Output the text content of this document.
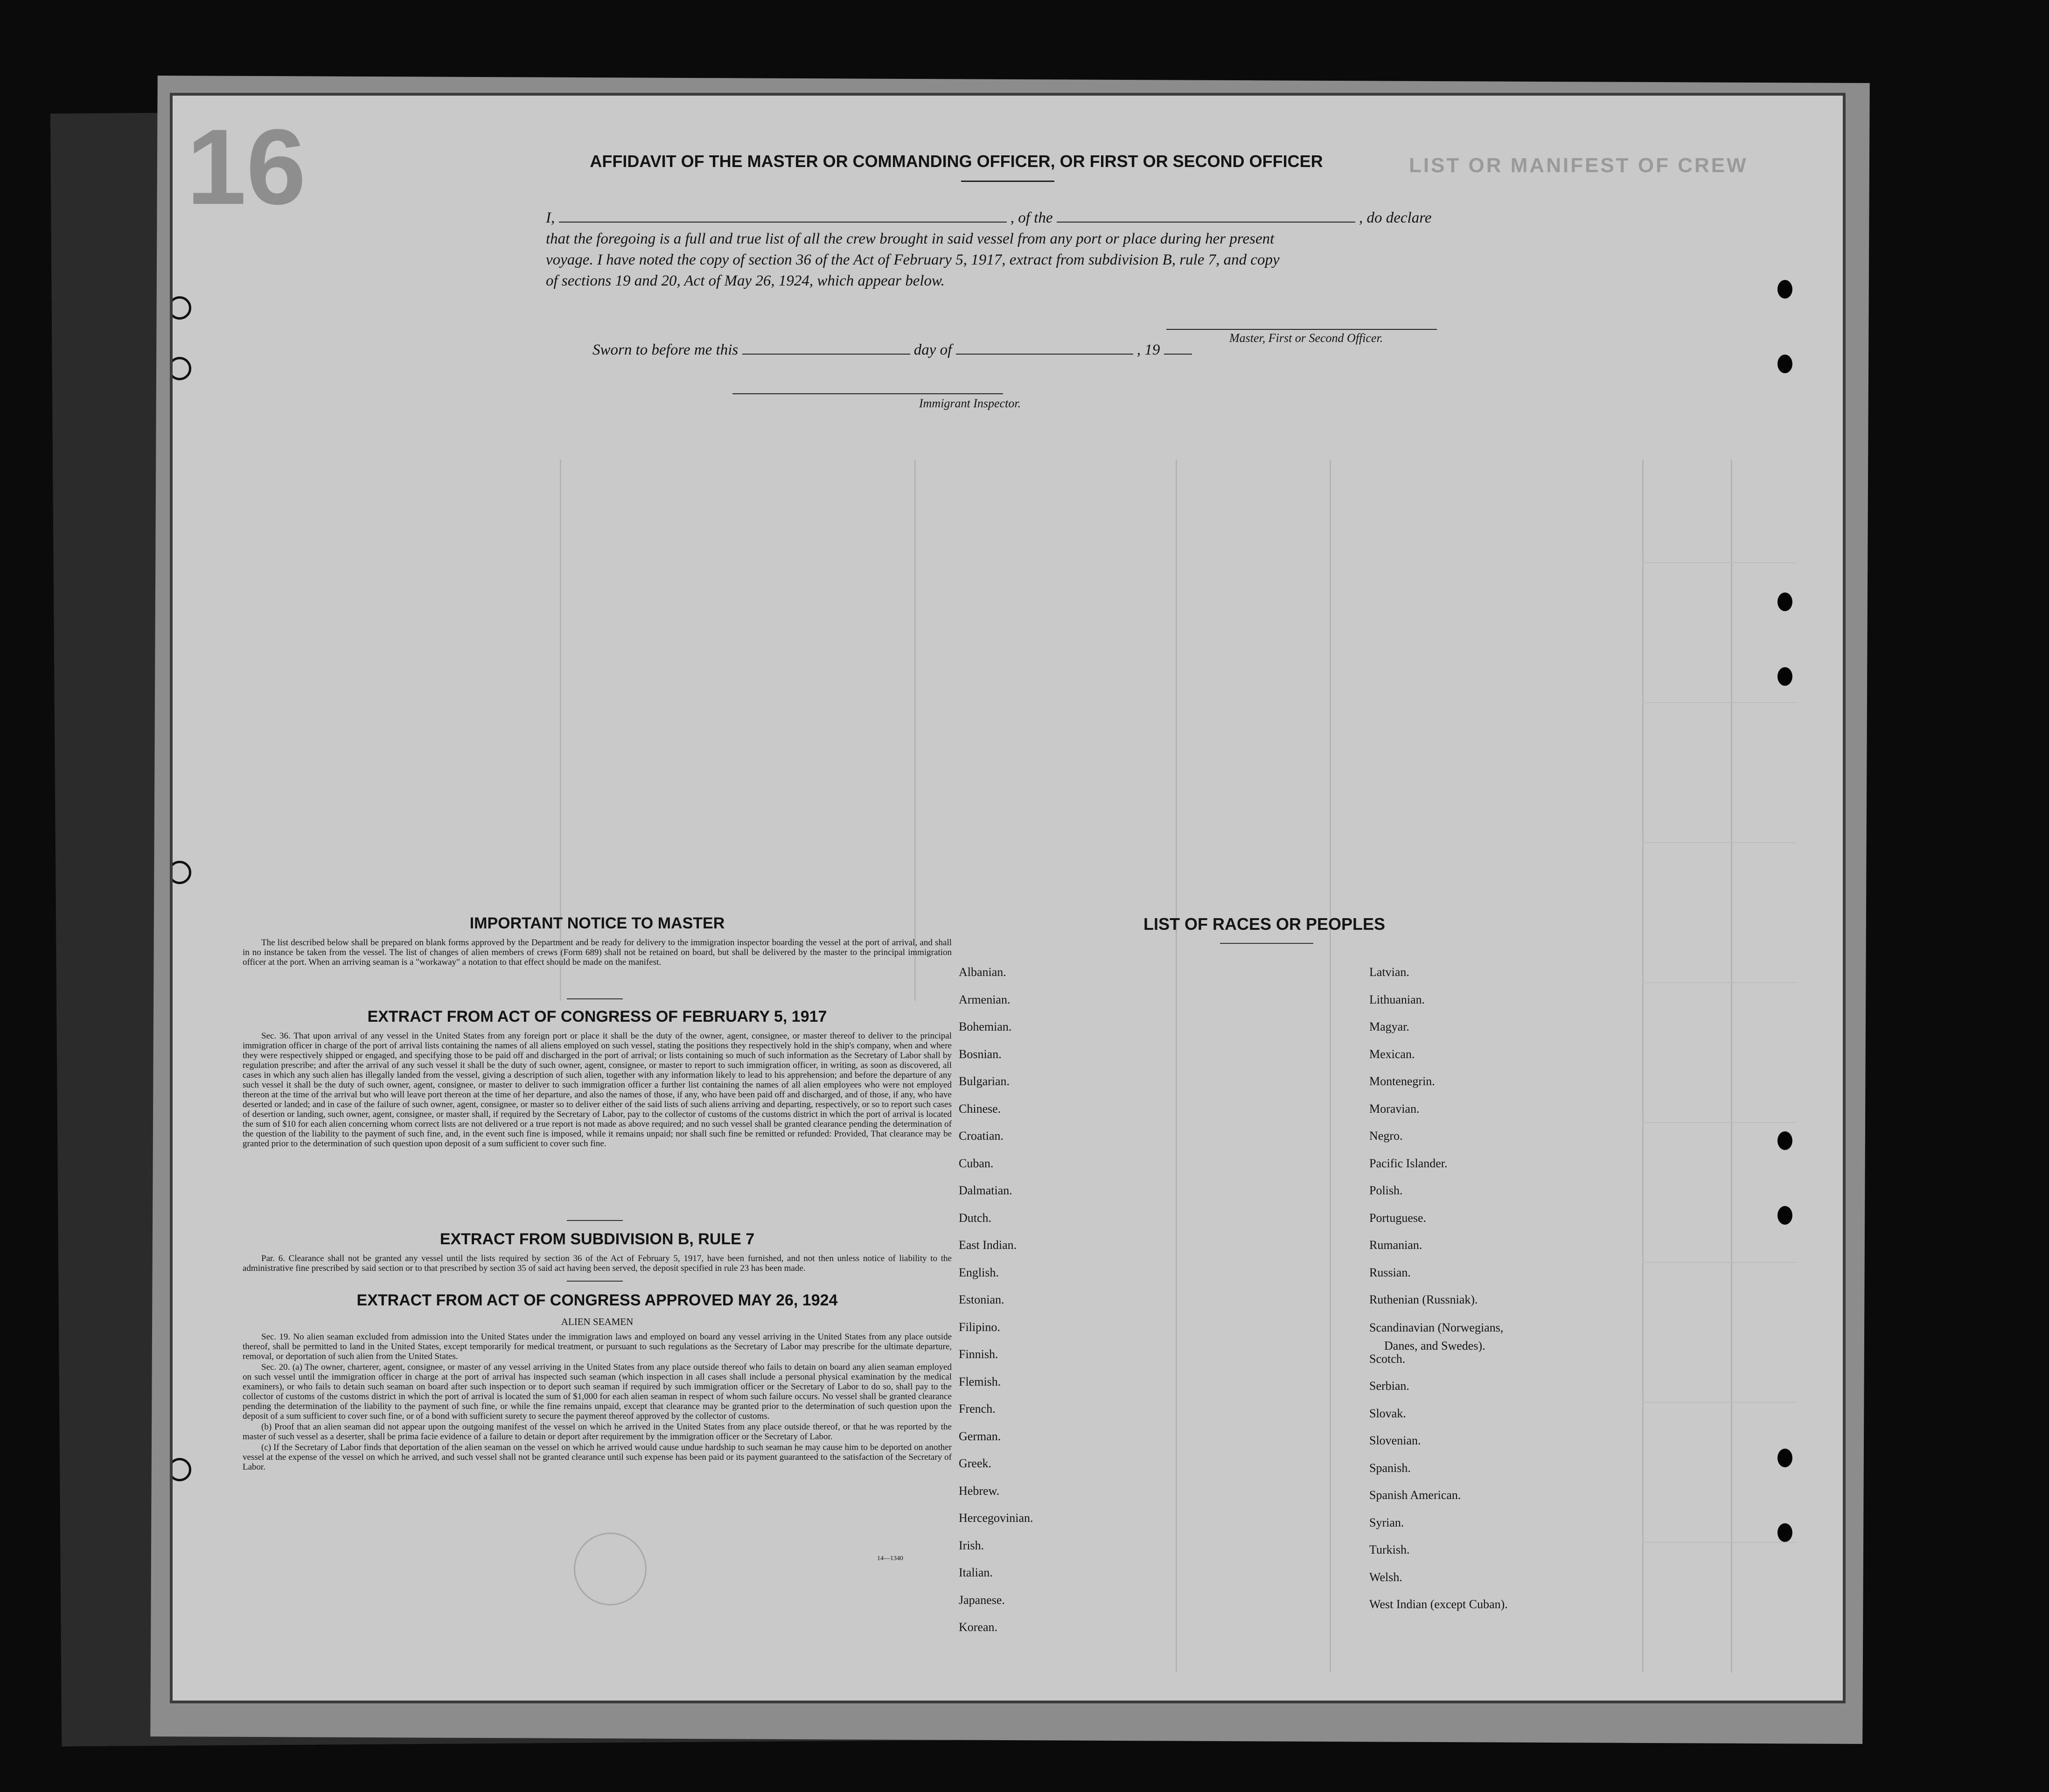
16	LIST OR MANIFEST OF CREW
AFFIDAVIT OF THE MASTER OR COMMANDING OFFICER, OR FIRST OR SECOND OFFICER
I,	, of the	, do declare
that the foregoing is a full and true list of all the crew brought in said vessel from any port or place during her present
voyage. I have noted the copy of section 36 of the Act of February 5, 1917, extract from subdivision B, rule 7, and copy
of sections 19 and 20, Act of May 26, 1924, which appear below.
Master, First or Second Officer.
Sworn to before me this	day of	, 19
Immigrant Inspector.
IMPORTANT NOTICE TO MASTER

The list described below shall be prepared on blank forms approved by the Department and be ready for delivery to the immigration inspector boarding the vessel at the port of arrival, and shall in no instance be taken from the vessel. The list of changes of alien members of crews (Form 689) shall not be retained on board, but shall be delivered by the master to the principal immigration officer at the port. When an arriving seaman is a "workaway" a notation to that effect should be made on the manifest.

EXTRACT FROM ACT OF CONGRESS OF FEBRUARY 5, 1917

Sec. 36. That upon arrival of any vessel in the United States from any foreign port or place it shall be the duty of the owner, agent, consignee, or master thereof to deliver to the principal immigration officer in charge of the port of arrival lists containing the names of all aliens employed on such vessel, stating the positions they respectively hold in the ship's company, when and where they were respectively shipped or engaged, and specifying those to be paid off and discharged in the port of arrival; or lists containing so much of such information as the Secretary of Labor shall by regulation prescribe; and after the arrival of any such vessel it shall be the duty of such owner, agent, consignee, or master to report to such immigration officer, in writing, as soon as discovered, all cases in which any such alien has illegally landed from the vessel, giving a description of such alien, together with any information likely to lead to his apprehension; and before the departure of any such vessel it shall be the duty of such owner, agent, consignee, or master to deliver to such immigration officer a further list containing the names of all alien employees who were not employed thereon at the time of the arrival but who will leave port thereon at the time of her departure, and also the names of those, if any, who have been paid off and discharged, and of those, if any, who have deserted or landed; and in case of the failure of such owner, agent, consignee, or master so to deliver either of the said lists of such aliens arriving and departing, respectively, or so to report such cases of desertion or landing, such owner, agent, consignee, or master shall, if required by the Secretary of Labor, pay to the collector of customs of the customs district in which the port of arrival is located the sum of $10 for each alien concerning whom correct lists are not delivered or a true report is not made as above required; and no such vessel shall be granted clearance pending the determination of the question of the liability to the payment of such fine, and, in the event such fine is imposed, while it remains unpaid; nor shall such fine be remitted or refunded: Provided, That clearance may be granted prior to the determination of such question upon deposit of a sum sufficient to cover such fine.

EXTRACT FROM SUBDIVISION B, RULE 7

Par. 6. Clearance shall not be granted any vessel until the lists required by section 36 of the Act of February 5, 1917, have been furnished, and not then unless notice of liability to the administrative fine prescribed by said section or to that prescribed by section 35 of said act having been served, the deposit specified in rule 23 has been made.

EXTRACT FROM ACT OF CONGRESS APPROVED MAY 26, 1924
ALIEN SEAMEN

Sec. 19. No alien seaman excluded from admission into the United States under the immigration laws and employed on board any vessel arriving in the United States from any place outside thereof, shall be permitted to land in the United States, except temporarily for medical treatment, or pursuant to such regulations as the Secretary of Labor may prescribe for the ultimate departure, removal, or deportation of such alien from the United States.

Sec. 20. (a) The owner, charterer, agent, consignee, or master of any vessel arriving in the United States from any place outside thereof who fails to detain on board any alien seaman employed on such vessel until the immigration officer in charge at the port of arrival has inspected such seaman (which inspection in all cases shall include a personal physical examination by the medical examiners), or who fails to detain such seaman on board after such inspection or to deport such seaman if required by such immigration officer or the Secretary of Labor to do so, shall pay to the collector of customs of the customs district in which the port of arrival is located the sum of $1,000 for each alien seaman in respect of whom such failure occurs. No vessel shall be granted clearance pending the determination of the liability to the payment of such fine, or while the fine remains unpaid, except that clearance may be granted prior to the determination of such question upon the deposit of a sum sufficient to cover such fine, or of a bond with sufficient surety to secure the payment thereof approved by the collector of customs.

(b) Proof that an alien seaman did not appear upon the outgoing manifest of the vessel on which he arrived in the United States from any place outside thereof, or that he was reported by the master of such vessel as a deserter, shall be prima facie evidence of a failure to detain or deport after requirement by the immigration officer or the Secretary of Labor.

(c) If the Secretary of Labor finds that deportation of the alien seaman on the vessel on which he arrived would cause undue hardship to such seaman he may cause him to be deported on another vessel at the expense of the vessel on which he arrived, and such vessel shall not be granted clearance until such expense has been paid or its payment guaranteed to the satisfaction of the Secretary of Labor.

14—1340
LIST OF RACES OR PEOPLES
Albanian.
Armenian.
Bohemian.
Bosnian.
Bulgarian.
Chinese.
Croatian.
Cuban.
Dalmatian.
Dutch.
East Indian.
English.
Estonian.
Filipino.
Finnish.
Flemish.
French.
German.
Greek.
Hebrew.
Hercegovinian.
Irish.
Italian.
Japanese.
Korean.
Latvian.
Lithuanian.
Magyar.
Mexican.
Montenegrin.
Moravian.
Negro.
Pacific Islander.
Polish.
Portuguese.
Rumanian.
Russian.
Ruthenian (Russniak).
Scandinavian (Norwegians,
Danes, and Swedes).
Scotch.
Serbian.
Slovak.
Slovenian.
Spanish.
Spanish American.
Syrian.
Turkish.
Welsh.
West Indian (except Cuban).
